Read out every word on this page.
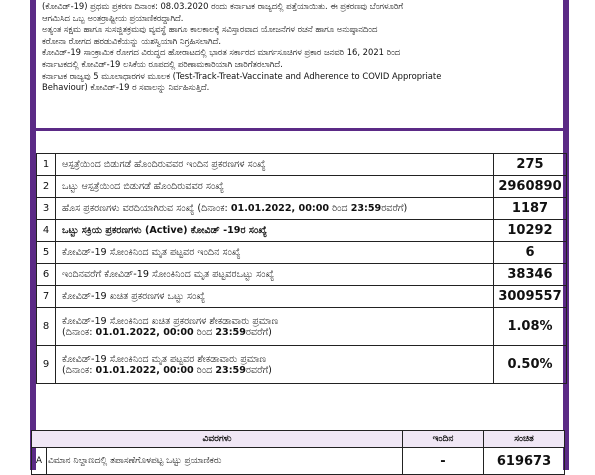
(ಕೋವಿಡ್-19) ಪ್ರಥಮ ಪ್ರಕರಣ ದಿನಾಂಕ: 08.03.2020 ರಂದು ಕರ್ನಾಟಕ ರಾಜ್ಯದಲ್ಲಿ ಪತ್ತೆಯಾಯಿತು. ಈ ಪ್ರಕರಣವು ಬೆಂಗಳೂರಿಗೆ

ಆಗಮಿಸಿದ ಒಬ್ಬ ಅಂತರ್ರಾಷ್ಟ್ರೀಯ ಪ್ರಯಾಣಿಕರದ್ದಾಗಿದೆ.

ಅತ್ಯಂತ ಸಕ್ಷಮ ಹಾಗೂ ಸುಸಜ್ಜಿತಕ್ರಮವು ವ್ಯವಸ್ಥೆ ಹಾಗೂ ಕಾಲಕಾಲಕ್ಕೆ ಸವಿಸ್ತಾರವಾದ ಯೋಜನೆಗಳ ರಚನೆ ಹಾಗೂ ಅನುಷ್ಠಾನದಿಂದ

ಕರೋನಾ ರೋಗದ ಹರಡುವಿಕೆಯನ್ನು ಯಶಸ್ವಿಯಾಗಿ ನಿಗ್ರಹಿಸಲಾಗಿದೆ.

ಕೋವಿಡ್-19 ಸಾಂಕ್ರಾಮಿಕ ರೋಗದ ವಿರುದ್ಧದ ಹೋರಾಟದಲ್ಲಿ ಭಾರತ ಸರ್ಕಾರದ ಮಾರ್ಗಸೂಚಿಗಳ ಪ್ರಕಾರ ಜನವರಿ 16, 2021 ರಿಂದ

ಕರ್ನಾಟಕದಲ್ಲಿ ಕೋವಿಡ್-19 ಲಸಿಕೆಯ ರೂಪದಲ್ಲಿ ಪರಿಣಾಮಕಾರಿಯಾಗಿ ಜಾರಿಗೆತರಲಾಗಿದೆ.

ಕರ್ನಾಟಕ ರಾಜ್ಯವು 5 ಮೂಲಾಧಾರಗಳ ಮೂಲಕ (Test-Track-Treat-Vaccinate and Adherence to COVID Appropriate

Behaviour) ಕೋವಿಡ್-19 ರ ಸವಾಲನ್ನು ನಿರ್ವಹಿಸುತ್ತಿದೆ.

1	ಆಸ್ಪತ್ರೆಯಿಂದ ಬಿಡುಗಡೆ ಹೊಂದಿರುವವರ ಇಂದಿನ ಪ್ರಕರಣಗಳ ಸಂಖ್ಯೆ	275
2	ಒಟ್ಟು ಆಸ್ಪತ್ರೆಯಿಂದ ಬಿಡುಗಡೆ ಹೊಂದಿರುವವರ ಸಂಖ್ಯೆ	2960890
3	ಹೊಸ ಪ್ರಕರಣಗಳು ವರದಿಯಾಗಿರುವ ಸಂಖ್ಯೆ (ದಿನಾಂಕ: 01.01.2022, 00:00 ರಿಂದ 23:59ರವರೆಗೆ)	1187
4	ಒಟ್ಟು ಸಕ್ರಿಯ ಪ್ರಕರಣಗಳು (Active) ಕೋವಿಡ್ -19ರ ಸಂಖ್ಯೆ	10292
5	ಕೋವಿಡ್-19 ಸೋಂಕಿನಿಂದ ಮೃತ ಪಟ್ಟವರ ಇಂದಿನ ಸಂಖ್ಯೆ	6
6	ಇಂದಿನವರೆಗೆ ಕೋವಿಡ್-19 ಸೋಂಕಿನಿಂದ ಮೃತ ಪಟ್ಟವರಒಟ್ಟು ಸಂಖ್ಯೆ	38346
7	ಕೋವಿಡ್-19 ಖಚಿತ ಪ್ರಕರಣಗಳ ಒಟ್ಟು ಸಂಖ್ಯೆ	3009557
8	ಕೋವಿಡ್-19 ಸೋಂಕಿನಿಂದ ಖಚಿತ ಪ್ರಕರಣಗಳ ಶೇಕಡಾವಾರು ಪ್ರಮಾಣ
(ದಿನಾಂಕ: 01.01.2022, 00:00 ರಿಂದ 23:59ರವರೆಗೆ)	1.08%
9	ಕೋವಿಡ್-19 ಸೋಂಕಿನಿಂದ ಮೃತ ಪಟ್ಟವರ ಶೇಕಡಾವಾರು ಪ್ರಮಾಣ
(ದಿನಾಂಕ: 01.01.2022, 00:00 ರಿಂದ 23:59ರವರೆಗೆ)	0.50%
ವಿವರಗಳು		ಇಂದಿನ	ಸಂಚಿತ
A	ವಿಮಾನ ನಿಲ್ದಾಣದಲ್ಲಿ ತಪಾಸಣೆಗೊಳಪಟ್ಟ ಒಟ್ಟು ಪ್ರಯಾಣಿಕರು	-	619673
